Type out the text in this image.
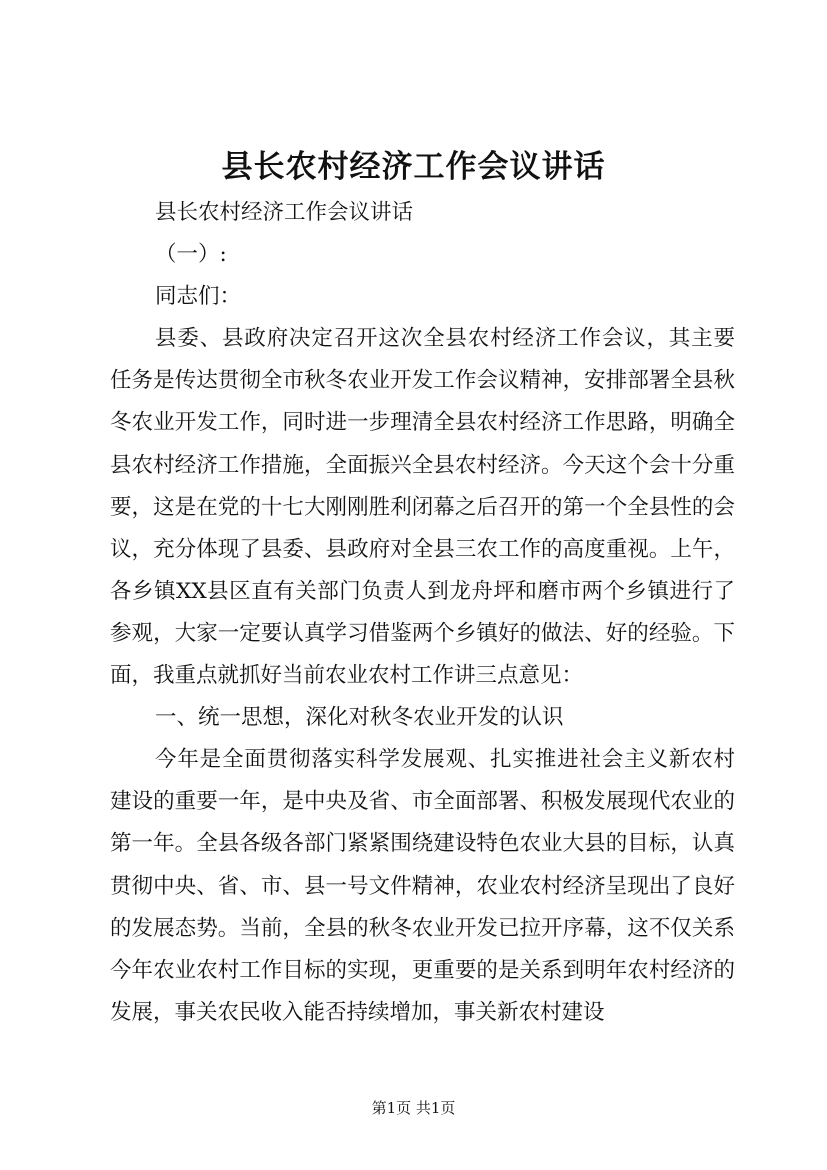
县长农村经济工作会议讲话

县长农村经济工作会议讲话

（一）:

同志们：

县委、县政府决定召开这次全县农村经济工作会议，其主要任务是传达贯彻全市秋冬农业开发工作会议精神，安排部署全县秋冬农业开发工作，同时进一步理清全县农村经济工作思路，明确全县农村经济工作措施，全面振兴全县农村经济。今天这个会十分重要，这是在党的十七大刚刚胜利闭幕之后召开的第一个全县性的会议，充分体现了县委、县政府对全县三农工作的高度重视。上午，各乡镇XX县区直有关部门负责人到龙舟坪和磨市两个乡镇进行了参观，大家一定要认真学习借鉴两个乡镇好的做法、好的经验。下面，我重点就抓好当前农业农村工作讲三点意见：

一、统一思想，深化对秋冬农业开发的认识

今年是全面贯彻落实科学发展观、扎实推进社会主义新农村建设的重要一年，是中央及省、市全面部署、积极发展现代农业的第一年。全县各级各部门紧紧围绕建设特色农业大县的目标，认真贯彻中央、省、市、县一号文件精神，农业农村经济呈现出了良好的发展态势。当前，全县的秋冬农业开发已拉开序幕，这不仅关系今年农业农村工作目标的实现，更重要的是关系到明年农村经济的发展，事关农民收入能否持续增加，事关新农村建设

第1页 共1页
